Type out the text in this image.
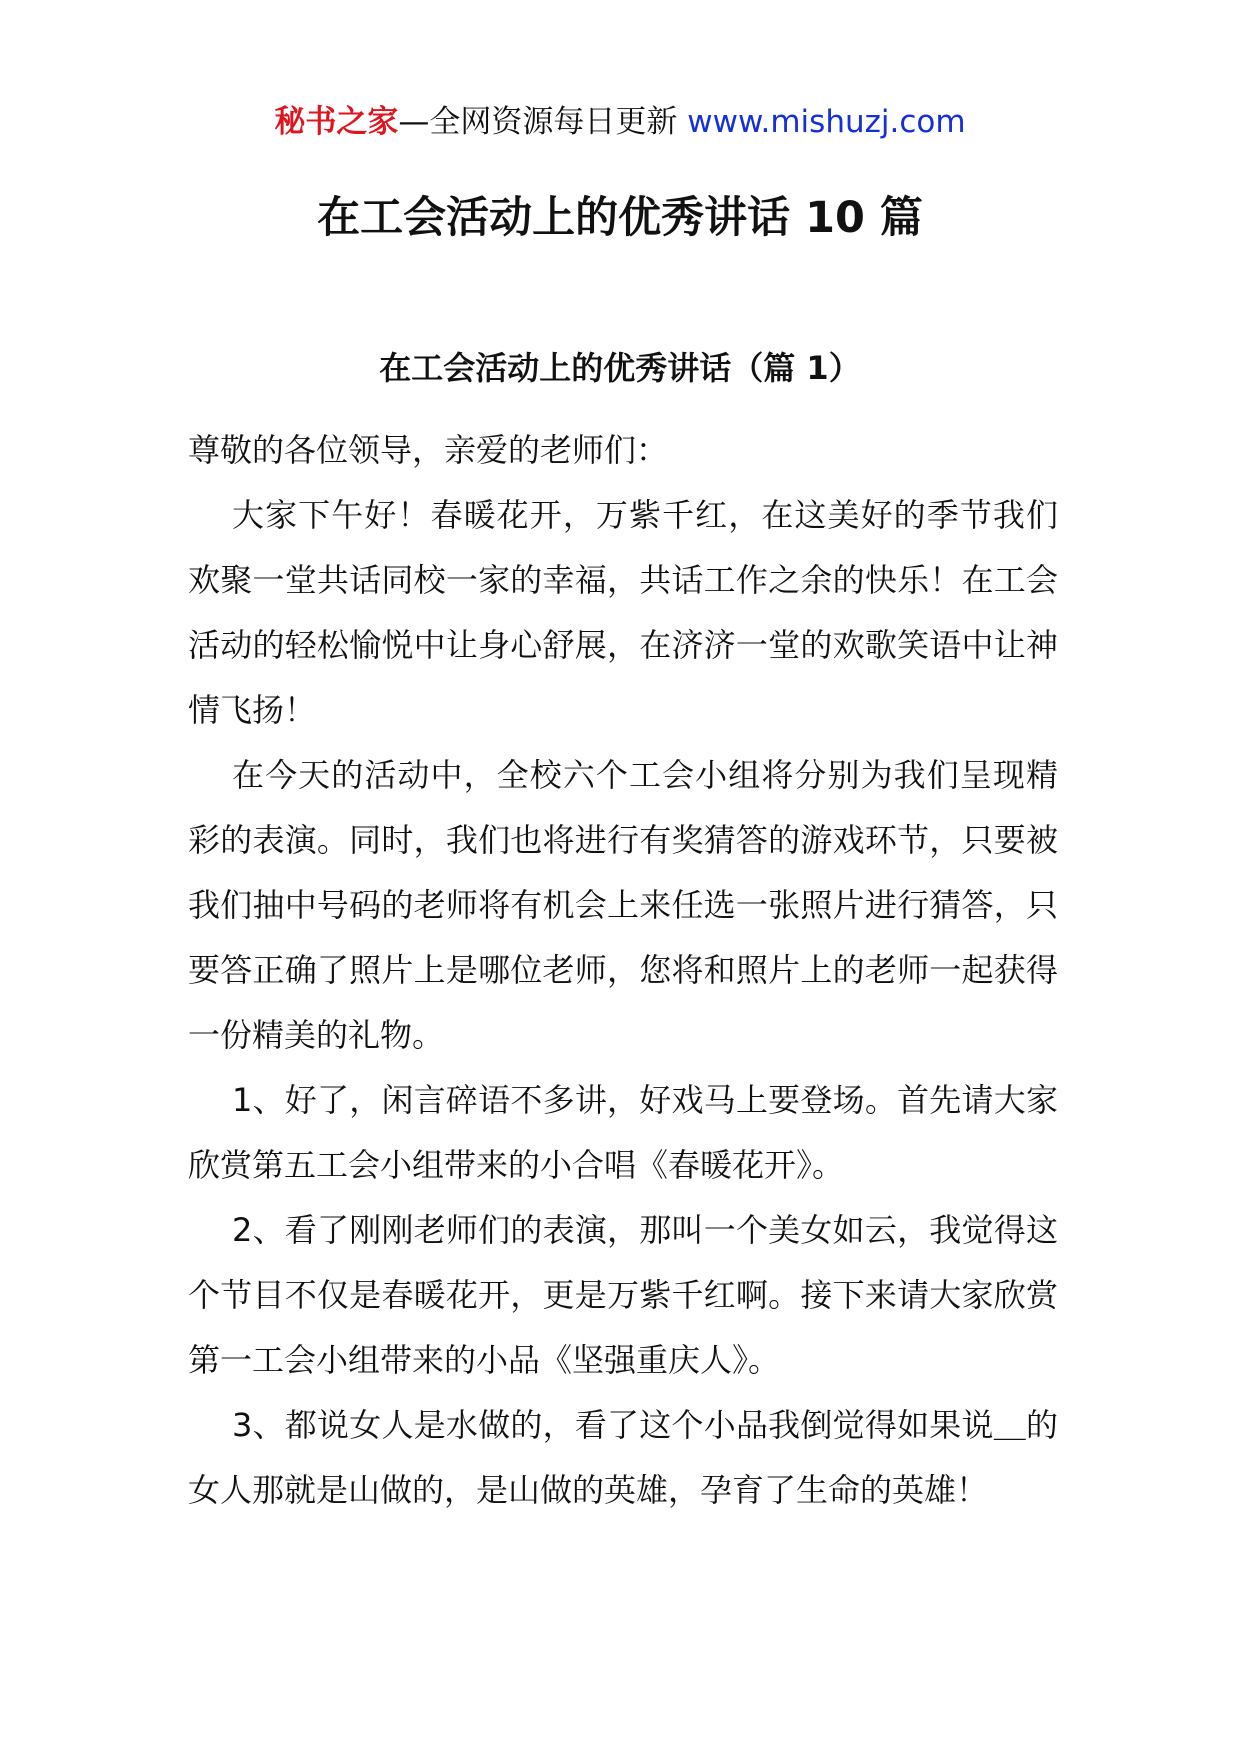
秘书之家—全网资源每日更新 www.mishuzj.com
在工会活动上的优秀讲话 10 篇
在工会活动上的优秀讲话（篇 1）

尊敬的各位领导，亲爱的老师们：

大家下午好！春暖花开，万紫千红，在这美好的季节我们欢聚一堂共话同校一家的幸福，共话工作之余的快乐！在工会活动的轻松愉悦中让身心舒展，在济济一堂的欢歌笑语中让神情飞扬！

在今天的活动中，全校六个工会小组将分别为我们呈现精彩的表演。同时，我们也将进行有奖猜答的游戏环节，只要被我们抽中号码的老师将有机会上来任选一张照片进行猜答，只要答正确了照片上是哪位老师，您将和照片上的老师一起获得一份精美的礼物。

1、好了，闲言碎语不多讲，好戏马上要登场。首先请大家欣赏第五工会小组带来的小合唱《春暖花开》。

2、看了刚刚老师们的表演，那叫一个美女如云，我觉得这个节目不仅是春暖花开，更是万紫千红啊。接下来请大家欣赏第一工会小组带来的小品《坚强重庆人》。

3、都说女人是水做的，看了这个小品我倒觉得如果说＿的女人那就是山做的，是山做的英雄，孕育了生命的英雄！
